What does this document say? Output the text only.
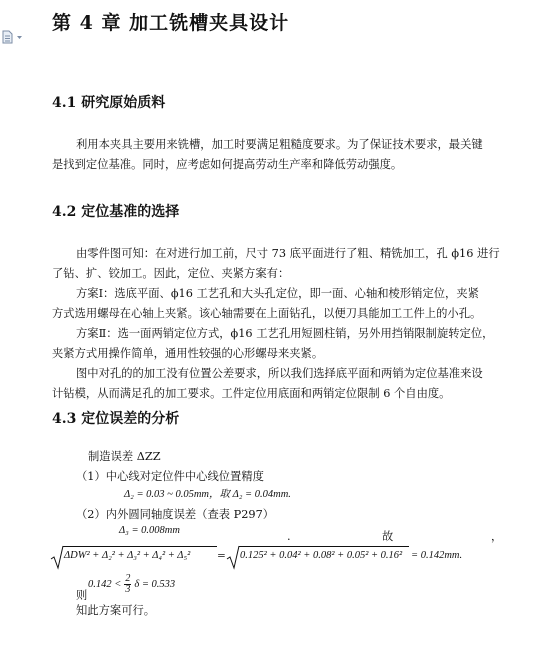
第 4 章 加工铣槽夹具设计
4.1 研究原始质料
利用本夹具主要用来铣槽，加工时要满足粗糙度要求。为了保证技术要求，最关键
是找到定位基准。同时，应考虑如何提高劳动生产率和降低劳动强度。
4.2 定位基准的选择
由零件图可知：在对进行加工前，尺寸 73 底平面进行了粗、精铣加工，孔 ϕ16 进行
了钻、扩、铰加工。因此，定位、夹紧方案有：
方案Ⅰ：选底平面、ϕ16 工艺孔和大头孔定位，即一面、心轴和棱形销定位，夹紧
方式选用螺母在心轴上夹紧。该心轴需要在上面钻孔，以便刀具能加工工件上的小孔。
方案Ⅱ：选一面两销定位方式，ϕ16 工艺孔用短圆柱销，另外用挡销限制旋转定位，
夹紧方式用操作简单，通用性较强的心形螺母来夹紧。
图中对孔的的加工没有位置公差要求，所以我们选择底平面和两销为定位基准来设
计钻模，从而满足孔的加工要求。工件定位用底面和两销定位限制 6 个自由度。
4.3 定位误差的分析
制造误差 ΔZZ
（1）中心线对定位件中心线位置精度
Δ₂ = 0.03 ~ 0.05mm，取 Δ₂ = 0.04mm.
（2）内外圆同轴度误差（查表 P297）
Δ₃ = 0.008mm	.	故	，
ΔDW² + Δ₂² + Δ₃² + Δ₄² + Δ₅²	= 0.125² + 0.04² + 0.08² + 0.05² + 0.16² = 0.142mm.
$0.142 < \frac{2}{3}$ δ = 0.533
则
知此方案可行。
